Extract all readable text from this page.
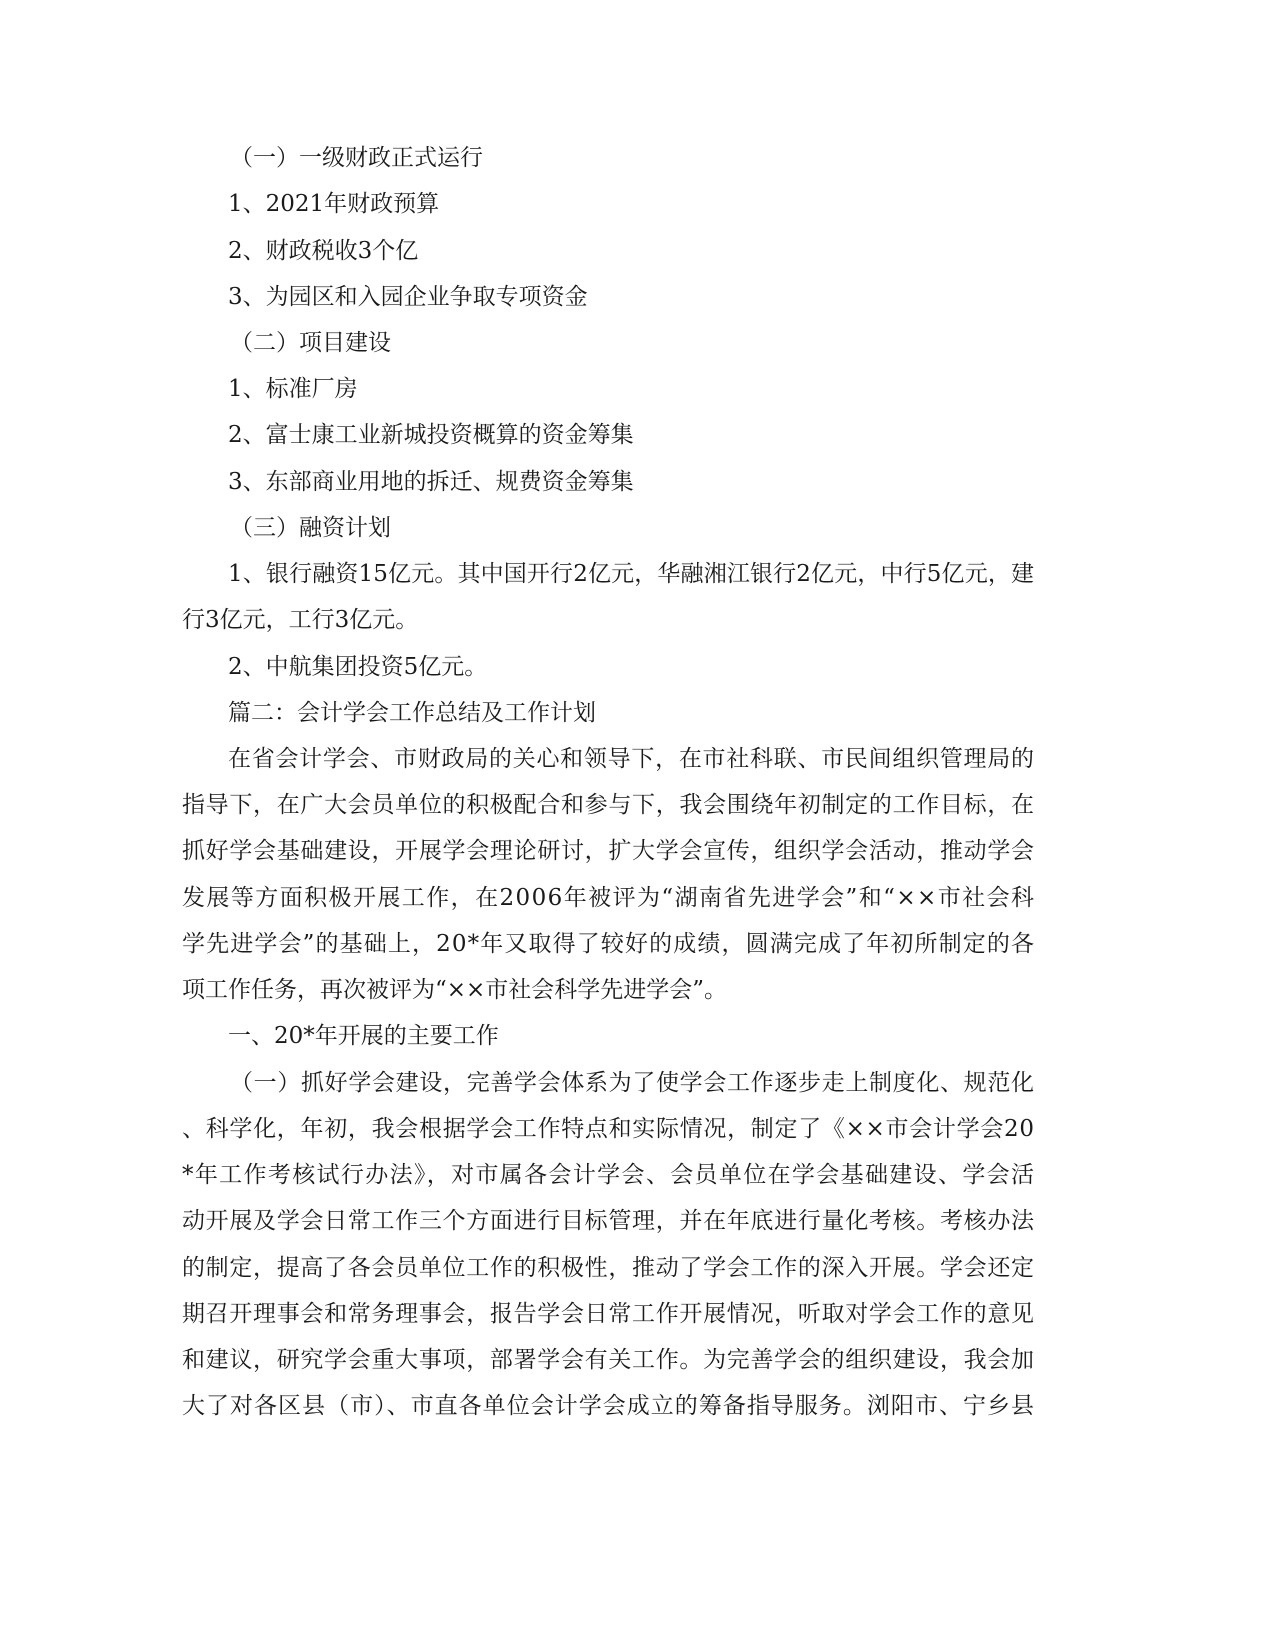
（一）一级财政正式运行
1、2021年财政预算
2、财政税收3个亿
3、为园区和入园企业争取专项资金
（二）项目建设
1、标准厂房
2、富士康工业新城投资概算的资金筹集
3、东部商业用地的拆迁、规费资金筹集
（三）融资计划
1、银行融资15亿元。其中国开行2亿元，华融湘江银行2亿元，中行5亿元，建
行3亿元，工行3亿元。
2、中航集团投资5亿元。
篇二：会计学会工作总结及工作计划
在省会计学会、市财政局的关心和领导下，在市社科联、市民间组织管理局的
指导下，在广大会员单位的积极配合和参与下，我会围绕年初制定的工作目标，在
抓好学会基础建设，开展学会理论研讨，扩大学会宣传，组织学会活动，推动学会
发展等方面积极开展工作，在2006年被评为“湖南省先进学会”和“××市社会科
学先进学会”的基础上，20*年又取得了较好的成绩，圆满完成了年初所制定的各
项工作任务，再次被评为“××市社会科学先进学会”。
一、20*年开展的主要工作
（一）抓好学会建设，完善学会体系为了使学会工作逐步走上制度化、规范化
、科学化，年初，我会根据学会工作特点和实际情况，制定了《××市会计学会20
*年工作考核试行办法》，对市属各会计学会、会员单位在学会基础建设、学会活
动开展及学会日常工作三个方面进行目标管理，并在年底进行量化考核。考核办法
的制定，提高了各会员单位工作的积极性，推动了学会工作的深入开展。学会还定
期召开理事会和常务理事会，报告学会日常工作开展情况，听取对学会工作的意见
和建议，研究学会重大事项，部署学会有关工作。为完善学会的组织建设，我会加
大了对各区县（市）、市直各单位会计学会成立的筹备指导服务。浏阳市、宁乡县
